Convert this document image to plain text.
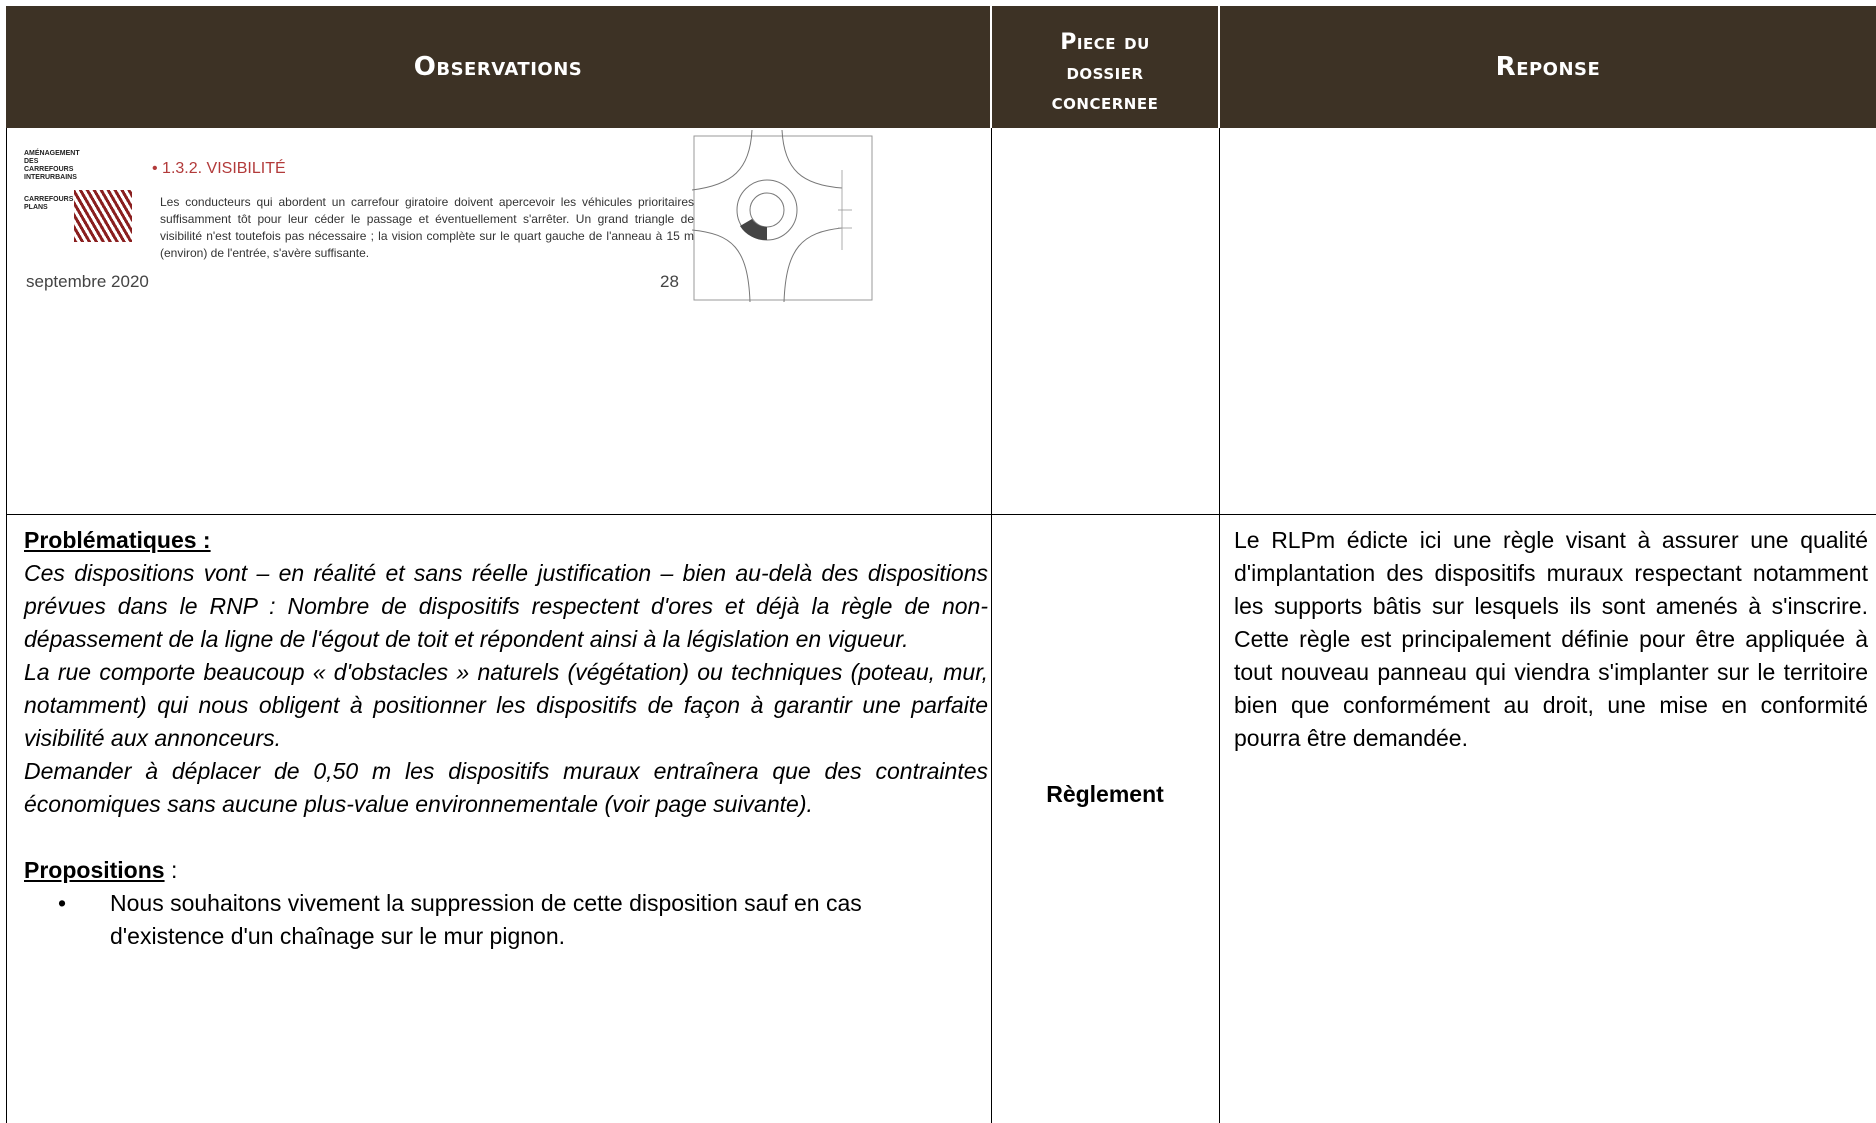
Observations
Piece du
dossier
concernee
Reponse
AMÉNAGEMENT DES CARREFOURS INTERURBAINS
CARREFOURS PLANS
• 1.3.2. VISIBILITÉ
Les conducteurs qui abordent un carrefour giratoire doivent apercevoir les véhicules prioritaires suffisamment tôt pour leur céder le passage et éventuellement s'arrêter. Un grand triangle de visibilité n'est toutefois pas nécessaire ; la vision complète sur le quart gauche de l'anneau à 15 m (environ) de l'entrée, s'avère suffisante.
septembre 2020	28
Problématiques :
Ces dispositions vont – en réalité et sans réelle justification – bien au-delà des dispositions prévues dans le RNP : Nombre de dispositifs respectent d'ores et déjà la règle de non-dépassement de la ligne de l'égout de toit et répondent ainsi à la législation en vigueur.
La rue comporte beaucoup « d'obstacles » naturels (végétation) ou techniques (poteau, mur, notamment) qui nous obligent à positionner les dispositifs de façon à garantir une parfaite visibilité aux annonceurs.
Demander à déplacer de 0,50 m les dispositifs muraux entraînera que des contraintes économiques sans aucune plus-value environnementale (voir page suivante).
Propositions :
•	Nous souhaitons vivement la suppression de cette disposition sauf en cas d'existence d'un chaînage sur le mur pignon.
Règlement
Le RLPm édicte ici une règle visant à assurer une qualité d'implantation des dispositifs muraux respectant notamment les supports bâtis sur lesquels ils sont amenés à s'inscrire. Cette règle est principalement définie pour être appliquée à tout nouveau panneau qui viendra s'implanter sur le territoire bien que conformément au droit, une mise en conformité pourra être demandée.
